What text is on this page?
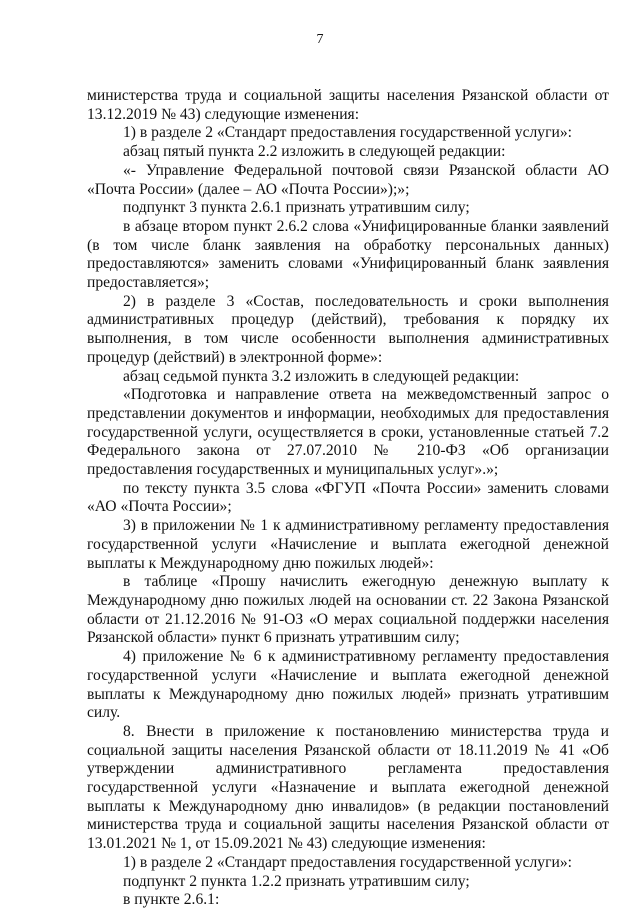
7

министерства труда и социальной защиты населения Рязанской области от 13.12.2019 № 43) следующие изменения:

1) в разделе 2 «Стандарт предоставления государственной услуги»:

абзац пятый пункта 2.2 изложить в следующей редакции:

«- Управление Федеральной почтовой связи Рязанской области АО «Почта России» (далее – АО «Почта России»);»;

подпункт 3 пункта 2.6.1 признать утратившим силу;

в абзаце втором пункт 2.6.2 слова «Унифицированные бланки заявлений (в том числе бланк заявления на обработку персональных данных) предоставляются» заменить словами «Унифицированный бланк заявления предоставляется»;

2) в разделе 3 «Состав, последовательность и сроки выполнения административных процедур (действий), требования к порядку их выполнения, в том числе особенности выполнения административных процедур (действий) в электронной форме»:

абзац седьмой пункта 3.2 изложить в следующей редакции:

«Подготовка и направление ответа на межведомственный запрос о представлении документов и информации, необходимых для предоставления государственной услуги, осуществляется в сроки, установленные статьей 7.2 Федерального закона от 27.07.2010 № 210-ФЗ «Об организации предоставления государственных и муниципальных услуг».»;

по тексту пункта 3.5 слова «ФГУП «Почта России» заменить словами «АО «Почта России»;

3) в приложении № 1 к административному регламенту предоставления государственной услуги «Начисление и выплата ежегодной денежной выплаты к Международному дню пожилых людей»:

в таблице «Прошу начислить ежегодную денежную выплату к Международному дню пожилых людей на основании ст. 22 Закона Рязанской области от 21.12.2016 № 91-ОЗ «О мерах социальной поддержки населения Рязанской области» пункт 6 признать утратившим силу;

4) приложение № 6 к административному регламенту предоставления государственной услуги «Начисление и выплата ежегодной денежной выплаты к Международному дню пожилых людей» признать утратившим силу.

8. Внести в приложение к постановлению министерства труда и социальной защиты населения Рязанской области от 18.11.2019 № 41 «Об утверждении административного регламента предоставления государственной услуги «Назначение и выплата ежегодной денежной выплаты к Международному дню инвалидов» (в редакции постановлений министерства труда и социальной защиты населения Рязанской области от 13.01.2021 № 1, от 15.09.2021 № 43) следующие изменения:

1) в разделе 2 «Стандарт предоставления государственной услуги»:

подпункт 2 пункта 1.2.2 признать утратившим силу;

в пункте 2.6.1:
